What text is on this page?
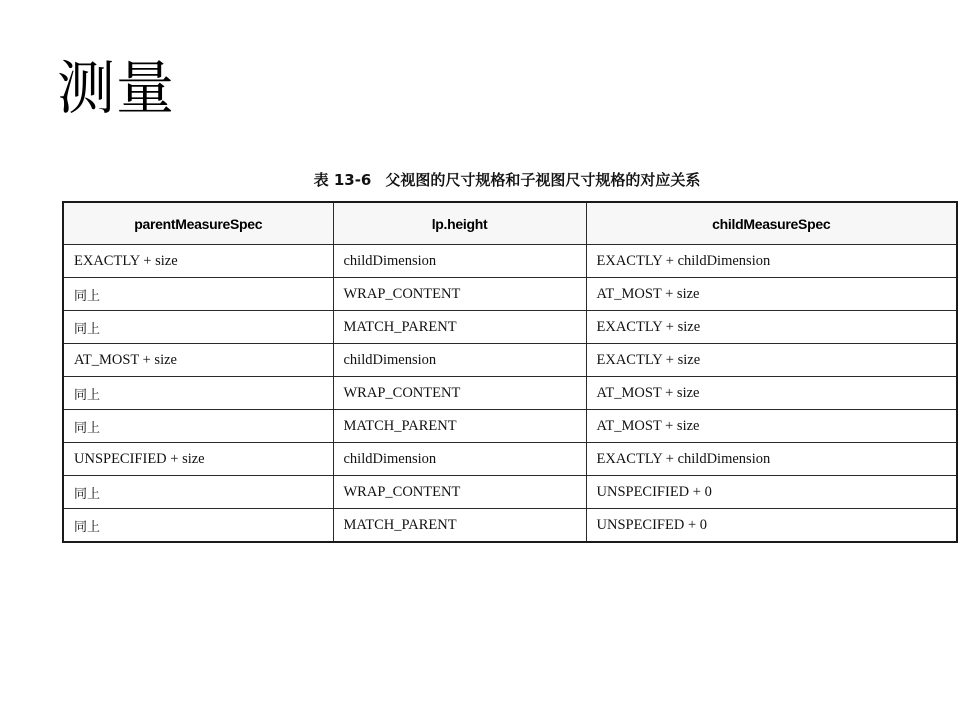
测量
表 13-6 父视图的尺寸规格和子视图尺寸规格的对应关系
parentMeasureSpec	lp.height	childMeasureSpec
EXACTLY + size	childDimension	EXACTLY + childDimension
同上	WRAP_CONTENT	AT_MOST + size
同上	MATCH_PARENT	EXACTLY + size
AT_MOST + size	childDimension	EXACTLY + size
同上	WRAP_CONTENT	AT_MOST + size
同上	MATCH_PARENT	AT_MOST + size
UNSPECIFIED + size	childDimension	EXACTLY + childDimension
同上	WRAP_CONTENT	UNSPECIFIED + 0
同上	MATCH_PARENT	UNSPECIFED + 0
